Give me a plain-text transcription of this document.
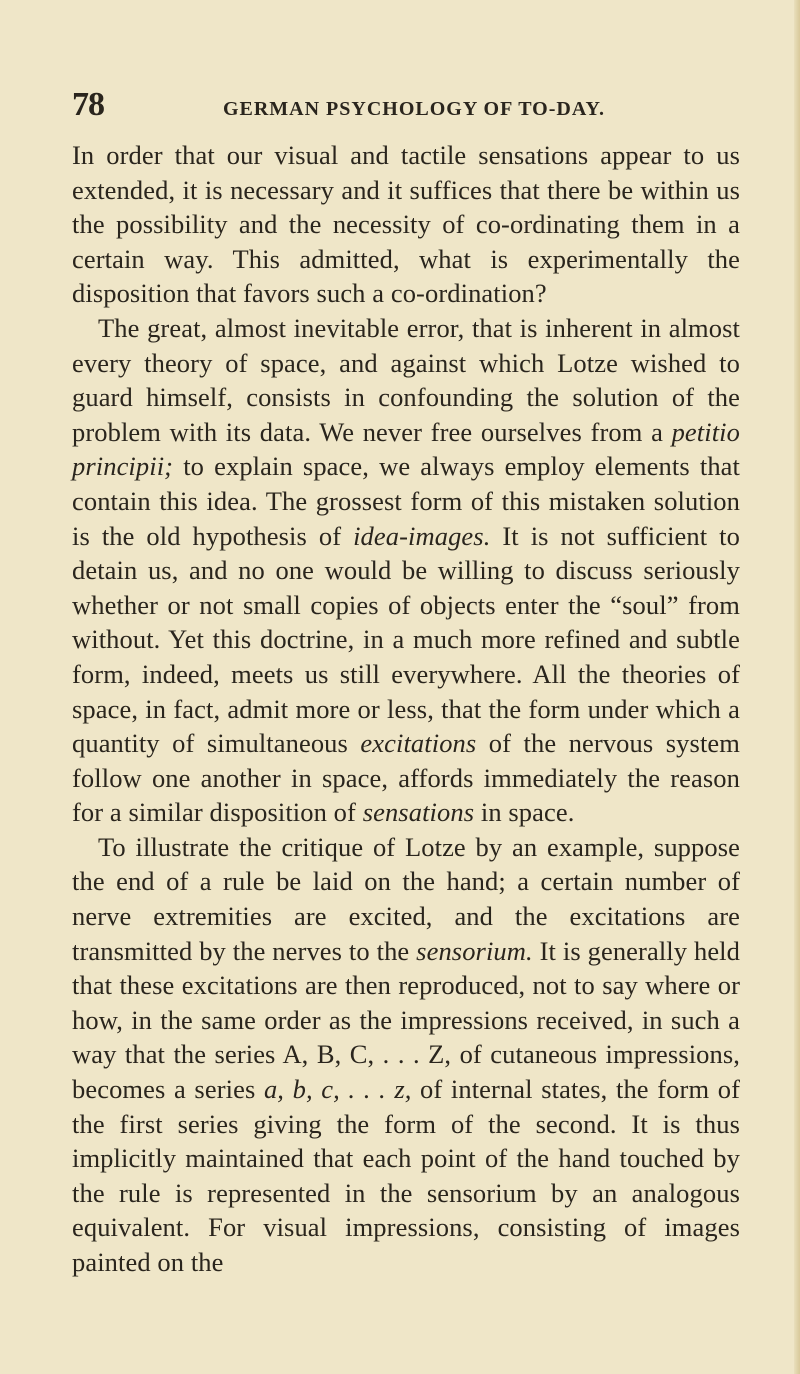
78	GERMAN PSYCHOLOGY OF TO-DAY.

In order that our visual and tactile sensations appear to us extended, it is necessary and it suffices that there be within us the possibility and the necessity of co-ordinating them in a certain way. This admitted, what is experimentally the disposition that favors such a co-ordination?

The great, almost inevitable error, that is inherent in almost every theory of space, and against which Lotze wished to guard himself, consists in confounding the solution of the problem with its data. We never free ourselves from a petitio principii; to explain space, we always employ elements that contain this idea. The grossest form of this mistaken solution is the old hypothesis of idea-images. It is not sufficient to detain us, and no one would be willing to discuss seriously whether or not small copies of objects enter the “soul” from without. Yet this doctrine, in a much more refined and subtle form, indeed, meets us still everywhere. All the theories of space, in fact, admit more or less, that the form under which a quantity of simultaneous excitations of the nervous system follow one another in space, affords immediately the reason for a similar disposition of sensations in space.

To illustrate the critique of Lotze by an example, suppose the end of a rule be laid on the hand; a certain number of nerve extremities are excited, and the excitations are transmitted by the nerves to the sensorium. It is generally held that these excitations are then reproduced, not to say where or how, in the same order as the impressions received, in such a way that the series A, B, C, . . . Z, of cutaneous impressions, becomes a series a, b, c, . . . z, of internal states, the form of the first series giving the form of the second. It is thus implicitly maintained that each point of the hand touched by the rule is represented in the sensorium by an analogous equivalent. For visual impressions, consisting of images painted on the
